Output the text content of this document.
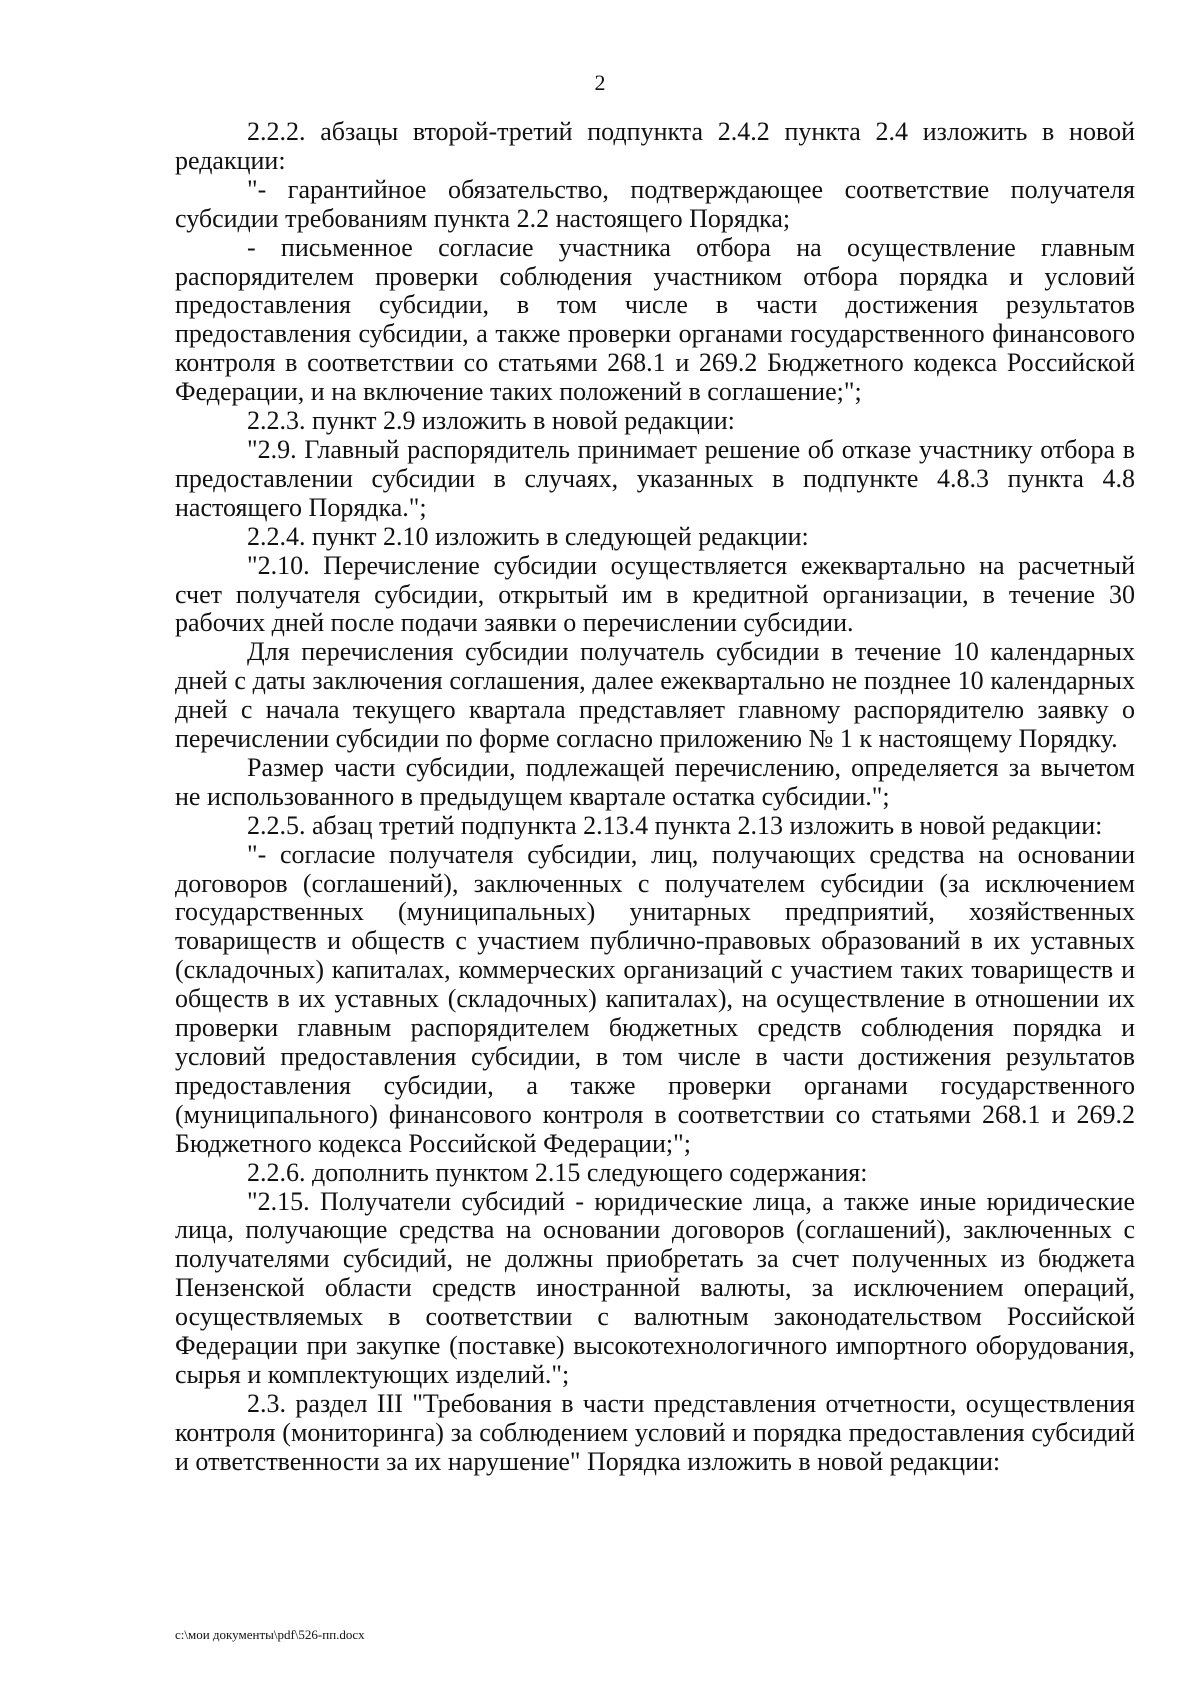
2

2.2.2. абзацы второй-третий подпункта 2.4.2 пункта 2.4 изложить в новой редакции:

"- гарантийное обязательство, подтверждающее соответствие получателя субсидии требованиям пункта 2.2 настоящего Порядка;

- письменное согласие участника отбора на осуществление главным распорядителем проверки соблюдения участником отбора порядка и условий предоставления субсидии, в том числе в части достижения результатов предоставления субсидии, а также проверки органами государственного финансового контроля в соответствии со статьями 268.1 и 269.2 Бюджетного кодекса Российской Федерации, и на включение таких положений в соглашение;";

2.2.3. пункт 2.9 изложить в новой редакции:

"2.9. Главный распорядитель принимает решение об отказе участнику отбора в предоставлении субсидии в случаях, указанных в подпункте 4.8.3 пункта 4.8 настоящего Порядка.";

2.2.4. пункт 2.10 изложить в следующей редакции:

"2.10. Перечисление субсидии осуществляется ежеквартально на расчетный счет получателя субсидии, открытый им в кредитной организации, в течение 30 рабочих дней после подачи заявки о перечислении субсидии.

Для перечисления субсидии получатель субсидии в течение 10 календарных дней с даты заключения соглашения, далее ежеквартально не позднее 10 календарных дней с начала текущего квартала представляет главному распорядителю заявку о перечислении субсидии по форме согласно приложению № 1 к настоящему Порядку.

Размер части субсидии, подлежащей перечислению, определяется за вычетом не использованного в предыдущем квартале остатка субсидии.";

2.2.5. абзац третий подпункта 2.13.4 пункта 2.13 изложить в новой редакции:

"- согласие получателя субсидии, лиц, получающих средства на основании договоров (соглашений), заключенных с получателем субсидии (за исключением государственных (муниципальных) унитарных предприятий, хозяйственных товариществ и обществ с участием публично-правовых образований в их уставных (складочных) капиталах, коммерческих организаций с участием таких товариществ и обществ в их уставных (складочных) капиталах), на осуществление в отношении их проверки главным распорядителем бюджетных средств соблюдения порядка и условий предоставления субсидии, в том числе в части достижения результатов предоставления субсидии, а также проверки органами государственного (муниципального) финансового контроля в соответствии со статьями 268.1 и 269.2 Бюджетного кодекса Российской Федерации;";

2.2.6. дополнить пунктом 2.15 следующего содержания:

"2.15. Получатели субсидий - юридические лица, а также иные юридические лица, получающие средства на основании договоров (соглашений), заключенных с получателями субсидий, не должны приобретать за счет полученных из бюджета Пензенской области средств иностранной валюты, за исключением операций, осуществляемых в соответствии с валютным законодательством Российской Федерации при закупке (поставке) высокотехнологичного импортного оборудования, сырья и комплектующих изделий.";

2.3. раздел III "Требования в части представления отчетности, осуществления контроля (мониторинга) за соблюдением условий и порядка предоставления субсидий и ответственности за их нарушение" Порядка изложить в новой редакции:

c:\мои документы\pdf\526-пп.docx
